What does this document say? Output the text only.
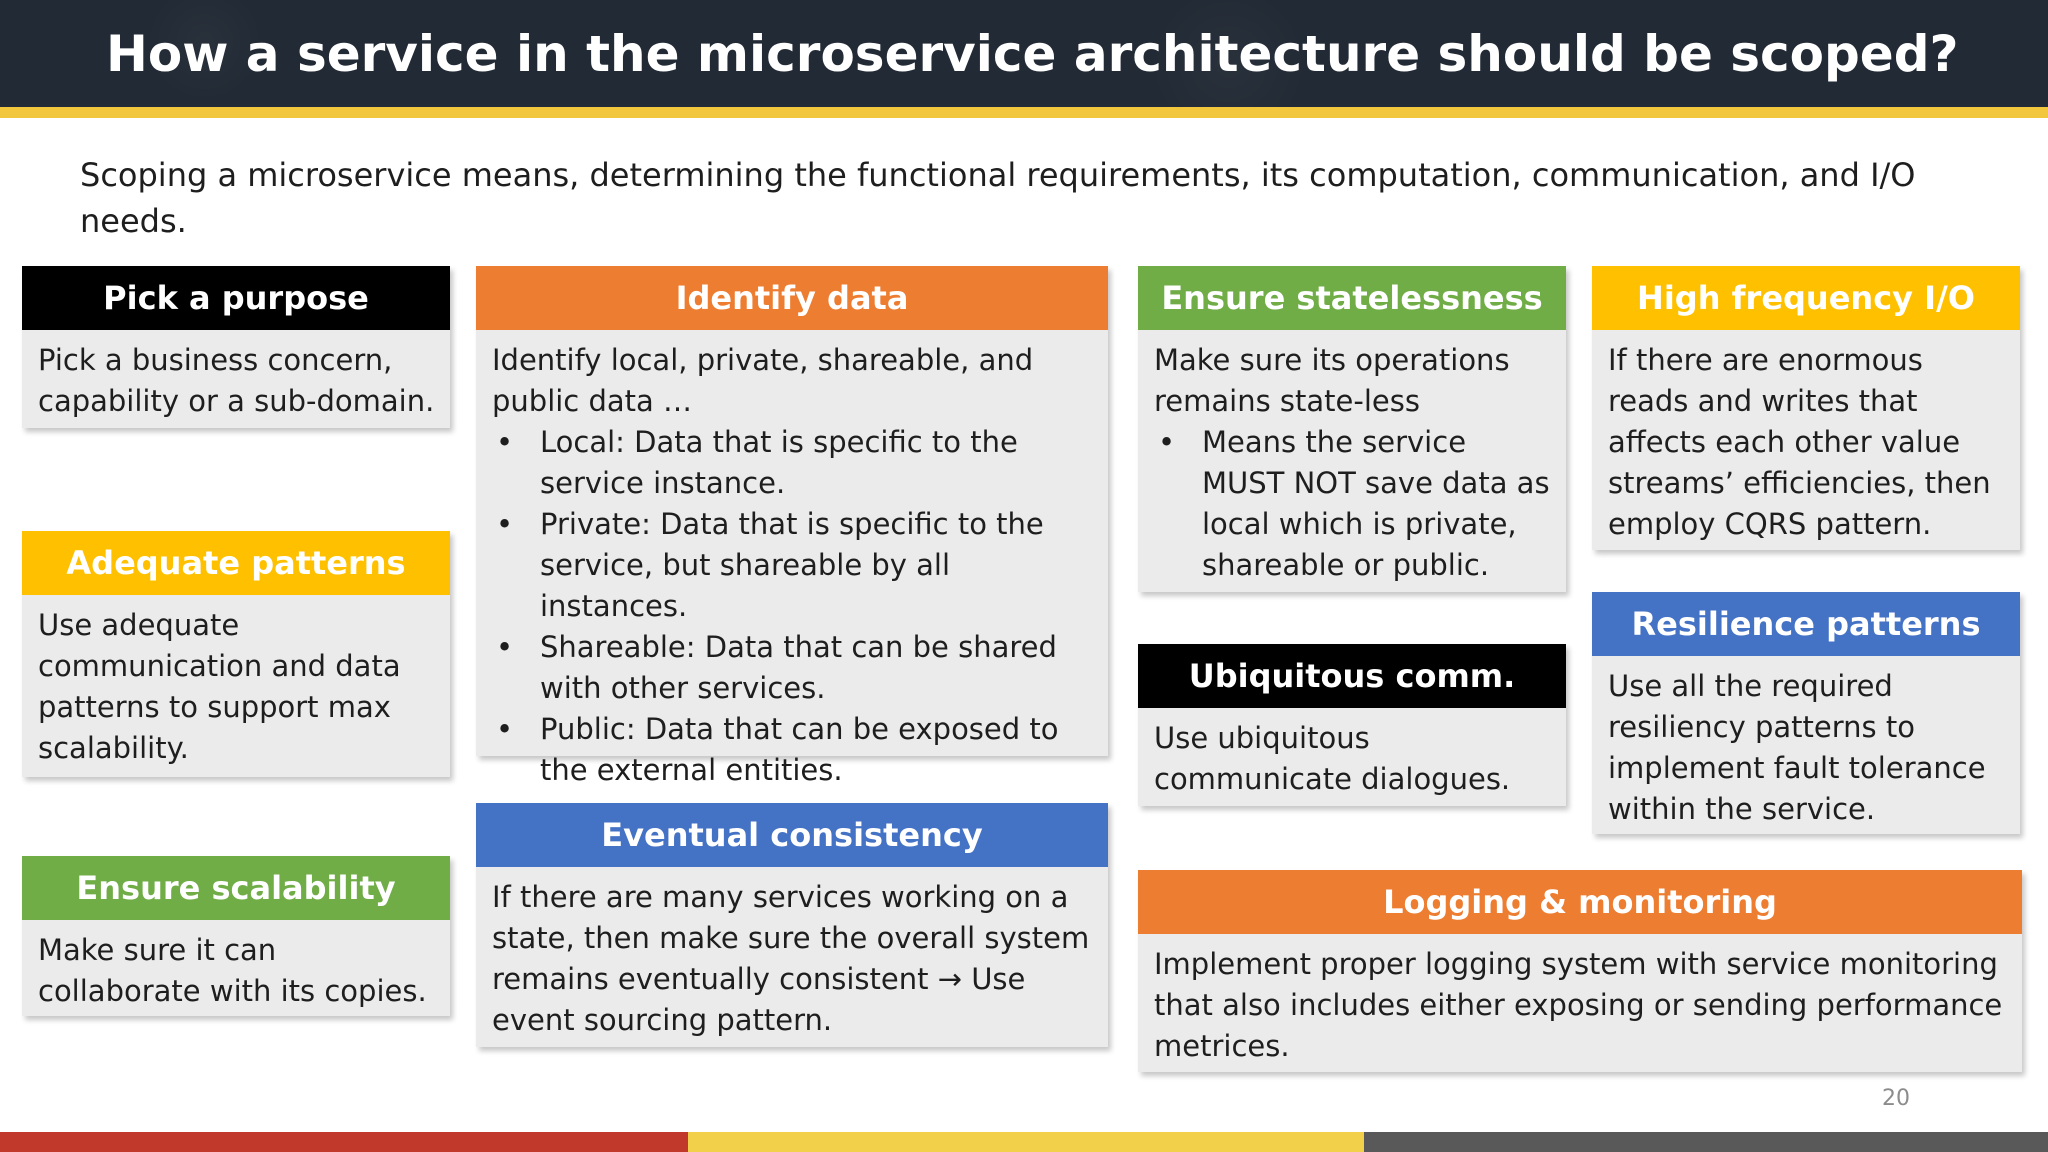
How a service in the microservice architecture should be scoped?

Scoping a microservice means, determining the functional requirements, its computation, communication, and I/O needs.

Pick a purpose

Pick a business concern, capability or a sub-domain.

Adequate patterns

Use adequate communication and data patterns to support max scalability.

Ensure scalability

Make sure it can collaborate with its copies.

Identify data

Identify local, private, shareable, and public data …

• Local: Data that is specific to the service instance.
• Private: Data that is specific to the service, but shareable by all instances.
• Shareable: Data that can be shared with other services.
• Public: Data that can be exposed to the external entities.
Eventual consistency

If there are many services working on a state, then make sure the overall system remains eventually consistent → Use event sourcing pattern.

Ensure statelessness

Make sure its operations remains state-less

• Means the service MUST NOT save data as local which is private, shareable or public.
Ubiquitous comm.

Use ubiquitous communicate dialogues.

Logging & monitoring

Implement proper logging system with service monitoring that also includes either exposing or sending performance metrices.

High frequency I/O

If there are enormous reads and writes that affects each other value streams’ efficiencies, then employ CQRS pattern.

Resilience patterns

Use all the required resiliency patterns to implement fault tolerance within the service.

20
